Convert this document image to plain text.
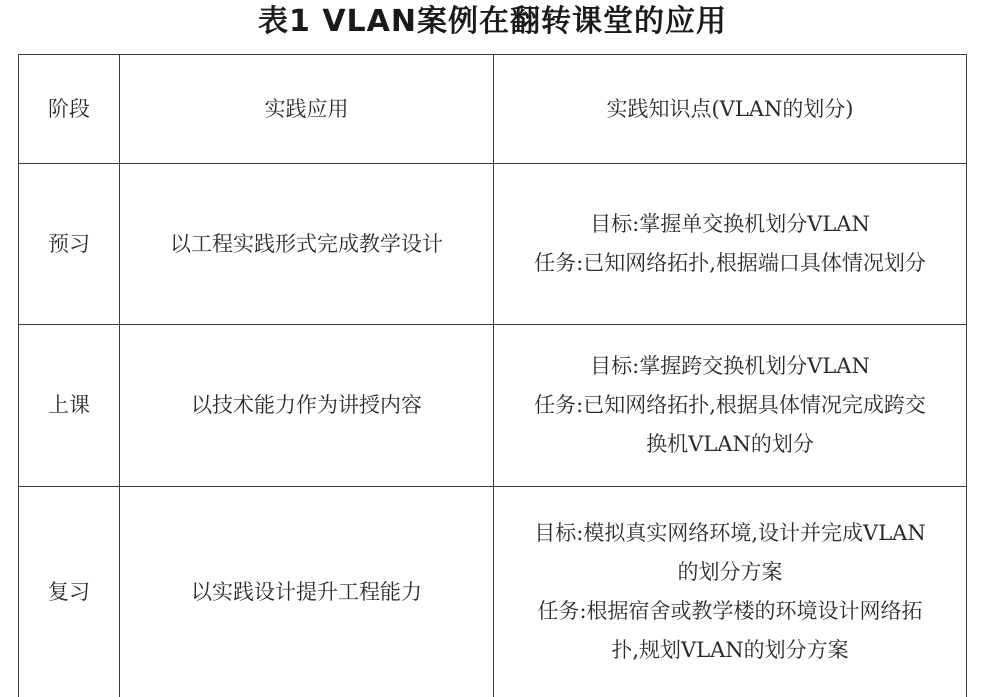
表1 VLAN案例在翻转课堂的应用
阶段	实践应用	实践知识点(VLAN的划分)
预习	以工程实践形式完成教学设计	目标:掌握单交换机划分VLAN
任务:已知网络拓扑,根据端口具体情况划分

上课	以技术能力作为讲授内容	目标:掌握跨交换机划分VLAN
任务:已知网络拓扑,根据具体情况完成跨交
换机VLAN的划分

复习	以实践设计提升工程能力	目标:模拟真实网络环境,设计并完成VLAN
的划分方案
任务:根据宿舍或教学楼的环境设计网络拓
扑,规划VLAN的划分方案
